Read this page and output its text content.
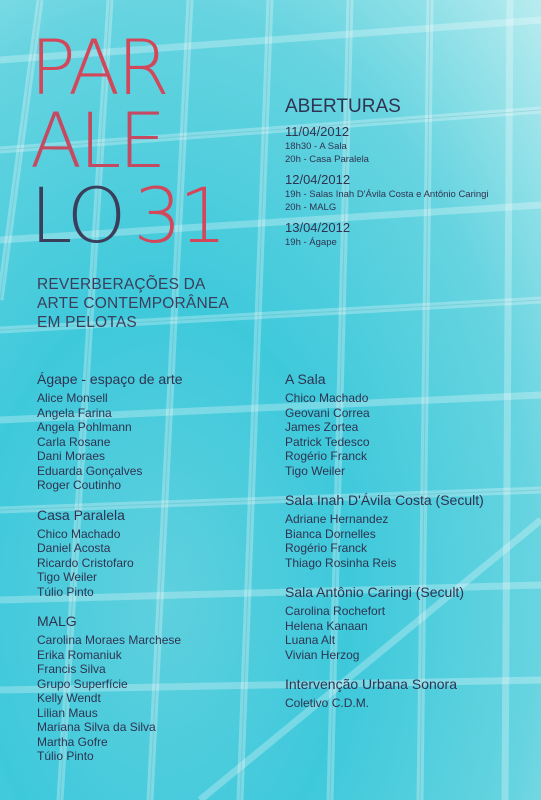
PAR
ALE
LO 31
REVERBERAÇÕES DA
ARTE CONTEMPORÂNEA
EM PELOTAS
ABERTURAS
11/04/2012
18h30 - A Sala
20h - Casa Paralela
12/04/2012
19h - Salas Inah D'Ávila Costa e Antônio Caringi
20h - MALG
13/04/2012
19h - Ágape
Ágape - espaço de arte
Alice Monsell
Angela Farina
Angela Pohlmann
Carla Rosane
Dani Moraes
Eduarda Gonçalves
Roger Coutinho
Casa Paralela
Chico Machado
Daniel Acosta
Ricardo Cristofaro
Tigo Weiler
Túlio Pinto
MALG
Carolina Moraes Marchese
Erika Romaniuk
Francis Silva
Grupo Superfície
Kelly Wendt
Lilian Maus
Mariana Silva da Silva
Martha Gofre
Túlio Pinto
A Sala
Chico Machado
Geovani Correa
James Zortea
Patrick Tedesco
Rogério Franck
Tigo Weiler
Sala Inah D'Ávila Costa (Secult)
Adriane Hernandez
Bianca Dornelles
Rogério Franck
Thiago Rosinha Reis
Sala Antônio Caringi (Secult)
Carolina Rochefort
Helena Kanaan
Luana Alt
Vivian Herzog
Intervenção Urbana Sonora
Coletivo C.D.M.
